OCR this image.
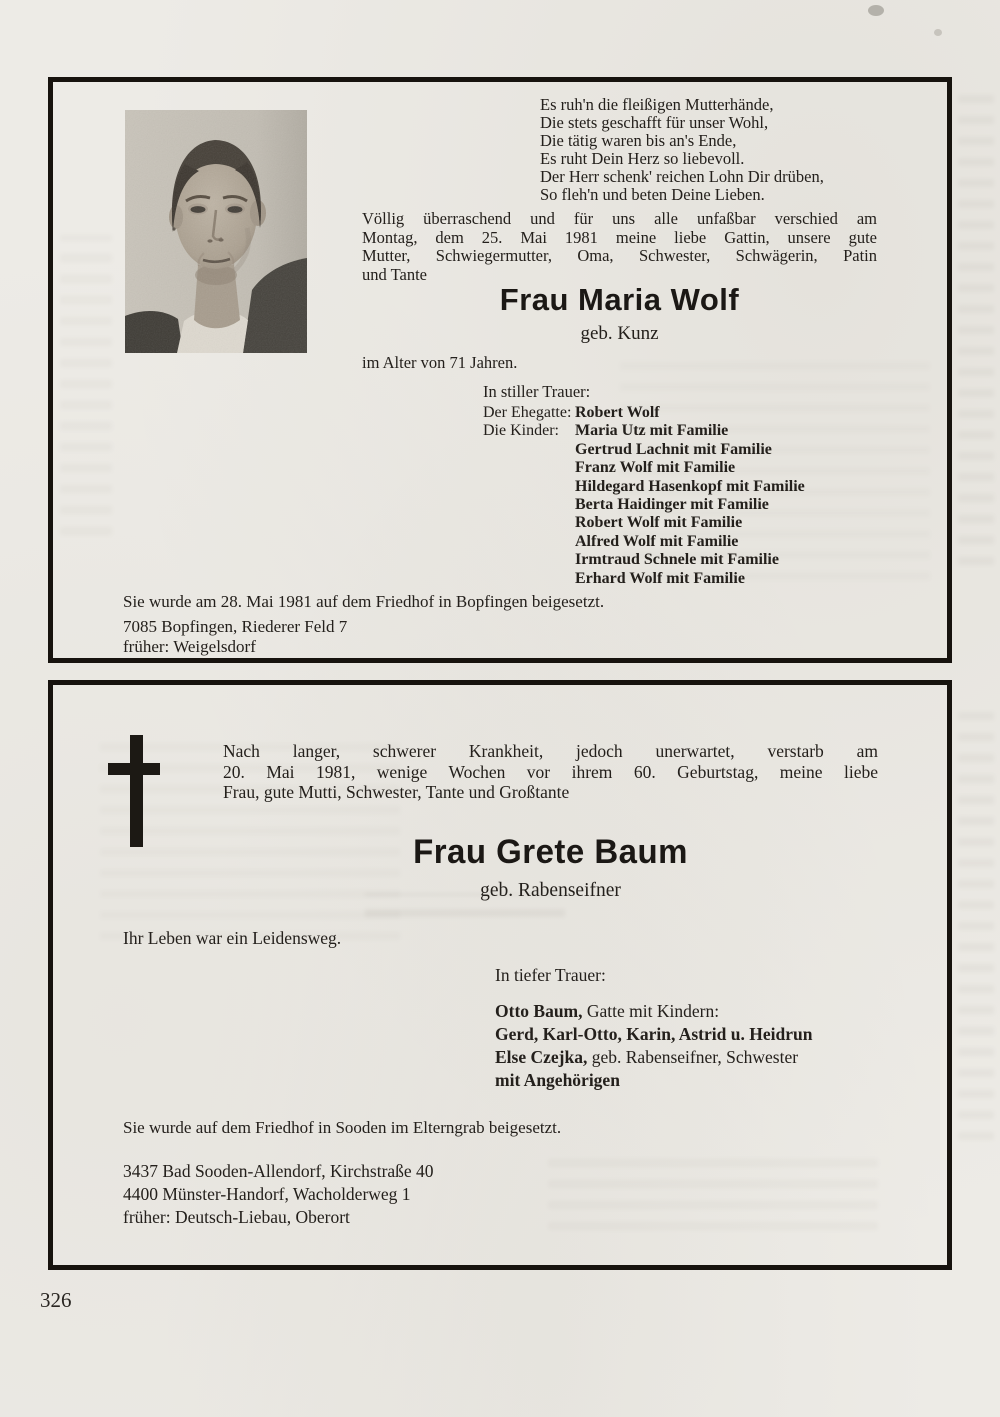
Es ruh'n die fleißigen Mutterhände,
Die stets geschafft für unser Wohl,
Die tätig waren bis an's Ende,
Es ruht Dein Herz so liebevoll.
Der Herr schenk' reichen Lohn Dir drüben,
So fleh'n und beten Deine Lieben.
Völlig überraschend und für uns alle unfaßbar verschied am
Montag, dem 25. Mai 1981 meine liebe Gattin, unsere gute
Mutter, Schwiegermutter, Oma, Schwester, Schwägerin, Patin
und Tante
Frau Maria Wolf
geb. Kunz
im Alter von 71 Jahren.
In stiller Trauer:
Der Ehegatte: Robert Wolf
Die Kinder: Maria Utz mit Familie
Gertrud Lachnit mit Familie
Franz Wolf mit Familie
Hildegard Hasenkopf mit Familie
Berta Haidinger mit Familie
Robert Wolf mit Familie
Alfred Wolf mit Familie
Irmtraud Schnele mit Familie
Erhard Wolf mit Familie
Sie wurde am 28. Mai 1981 auf dem Friedhof in Bopfingen beigesetzt.
7085 Bopfingen, Riederer Feld 7
früher: Weigelsdorf
Nach langer, schwerer Krankheit, jedoch unerwartet, verstarb am
20. Mai 1981, wenige Wochen vor ihrem 60. Geburtstag, meine liebe
Frau, gute Mutti, Schwester, Tante und Großtante
Frau Grete Baum
geb. Rabenseifner
Ihr Leben war ein Leidensweg.
In tiefer Trauer:
Otto Baum, Gatte mit Kindern:
Gerd, Karl-Otto, Karin, Astrid u. Heidrun
Else Czejka, geb. Rabenseifner, Schwester
mit Angehörigen
Sie wurde auf dem Friedhof in Sooden im Elterngrab beigesetzt.
3437 Bad Sooden-Allendorf, Kirchstraße 40
4400 Münster-Handorf, Wacholderweg 1
früher: Deutsch-Liebau, Oberort
326
